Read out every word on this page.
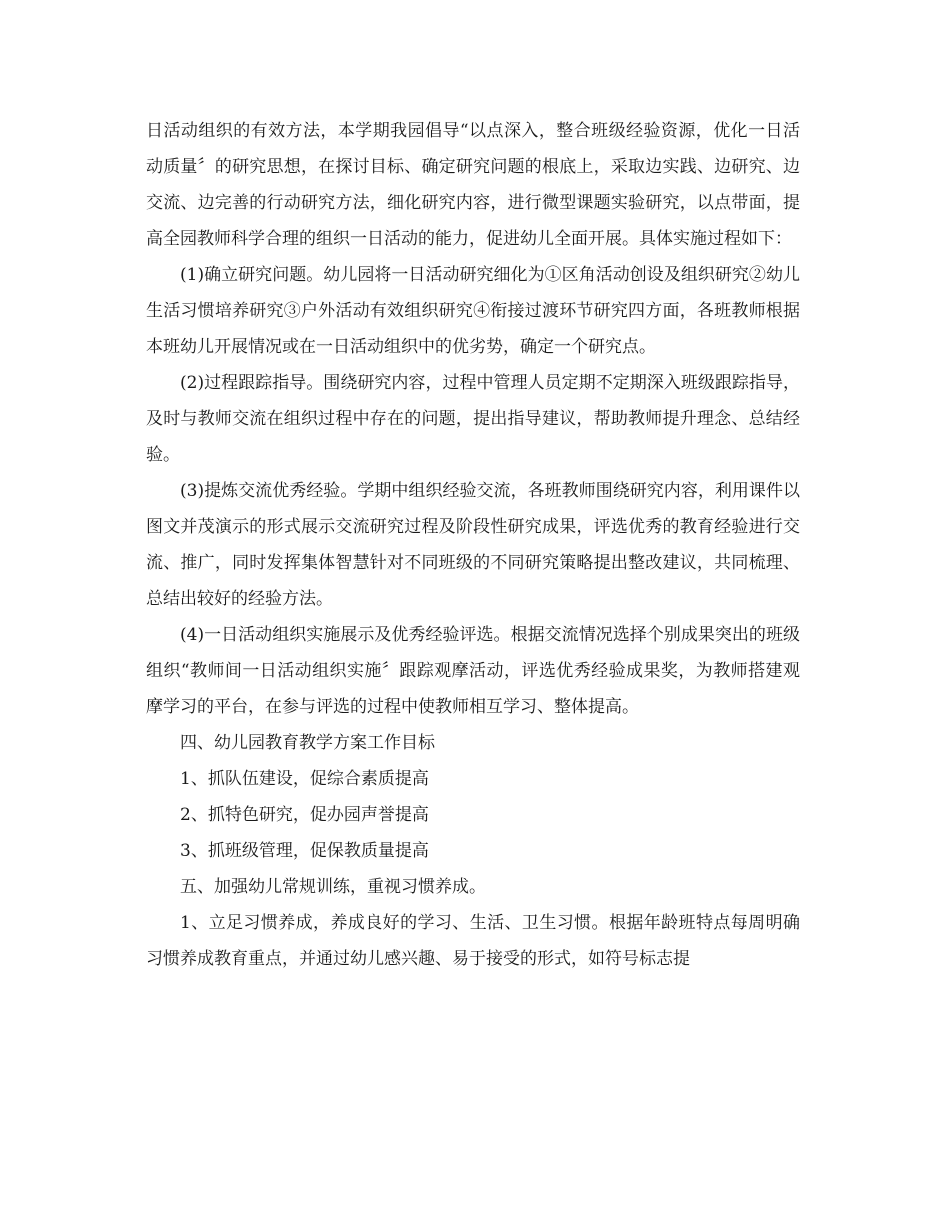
日活动组织的有效方法，本学期我园倡导“以点深入，整合班级经验资源，优化一日活动质量〞的研究思想，在探讨目标、确定研究问题的根底上，采取边实践、边研究、边交流、边完善的行动研究方法，细化研究内容，进行微型课题实验研究，以点带面，提高全园教师科学合理的组织一日活动的能力，促进幼儿全面开展。具体实施过程如下：

(1)确立研究问题。幼儿园将一日活动研究细化为①区角活动创设及组织研究②幼儿生活习惯培养研究③户外活动有效组织研究④衔接过渡环节研究四方面，各班教师根据本班幼儿开展情况或在一日活动组织中的优劣势，确定一个研究点。

(2)过程跟踪指导。围绕研究内容，过程中管理人员定期不定期深入班级跟踪指导，及时与教师交流在组织过程中存在的问题，提出指导建议，帮助教师提升理念、总结经验。

(3)提炼交流优秀经验。学期中组织经验交流，各班教师围绕研究内容，利用课件以图文并茂演示的形式展示交流研究过程及阶段性研究成果，评选优秀的教育经验进行交流、推广，同时发挥集体智慧针对不同班级的不同研究策略提出整改建议，共同梳理、总结出较好的经验方法。

(4)一日活动组织实施展示及优秀经验评选。根据交流情况选择个别成果突出的班级组织“教师间一日活动组织实施〞跟踪观摩活动，评选优秀经验成果奖，为教师搭建观摩学习的平台，在参与评选的过程中使教师相互学习、整体提高。

四、幼儿园教育教学方案工作目标

1、抓队伍建设，促综合素质提高

2、抓特色研究，促办园声誉提高

3、抓班级管理，促保教质量提高

五、加强幼儿常规训练，重视习惯养成。

1、立足习惯养成，养成良好的学习、生活、卫生习惯。根据年龄班特点每周明确习惯养成教育重点，并通过幼儿感兴趣、易于接受的形式，如符号标志提
